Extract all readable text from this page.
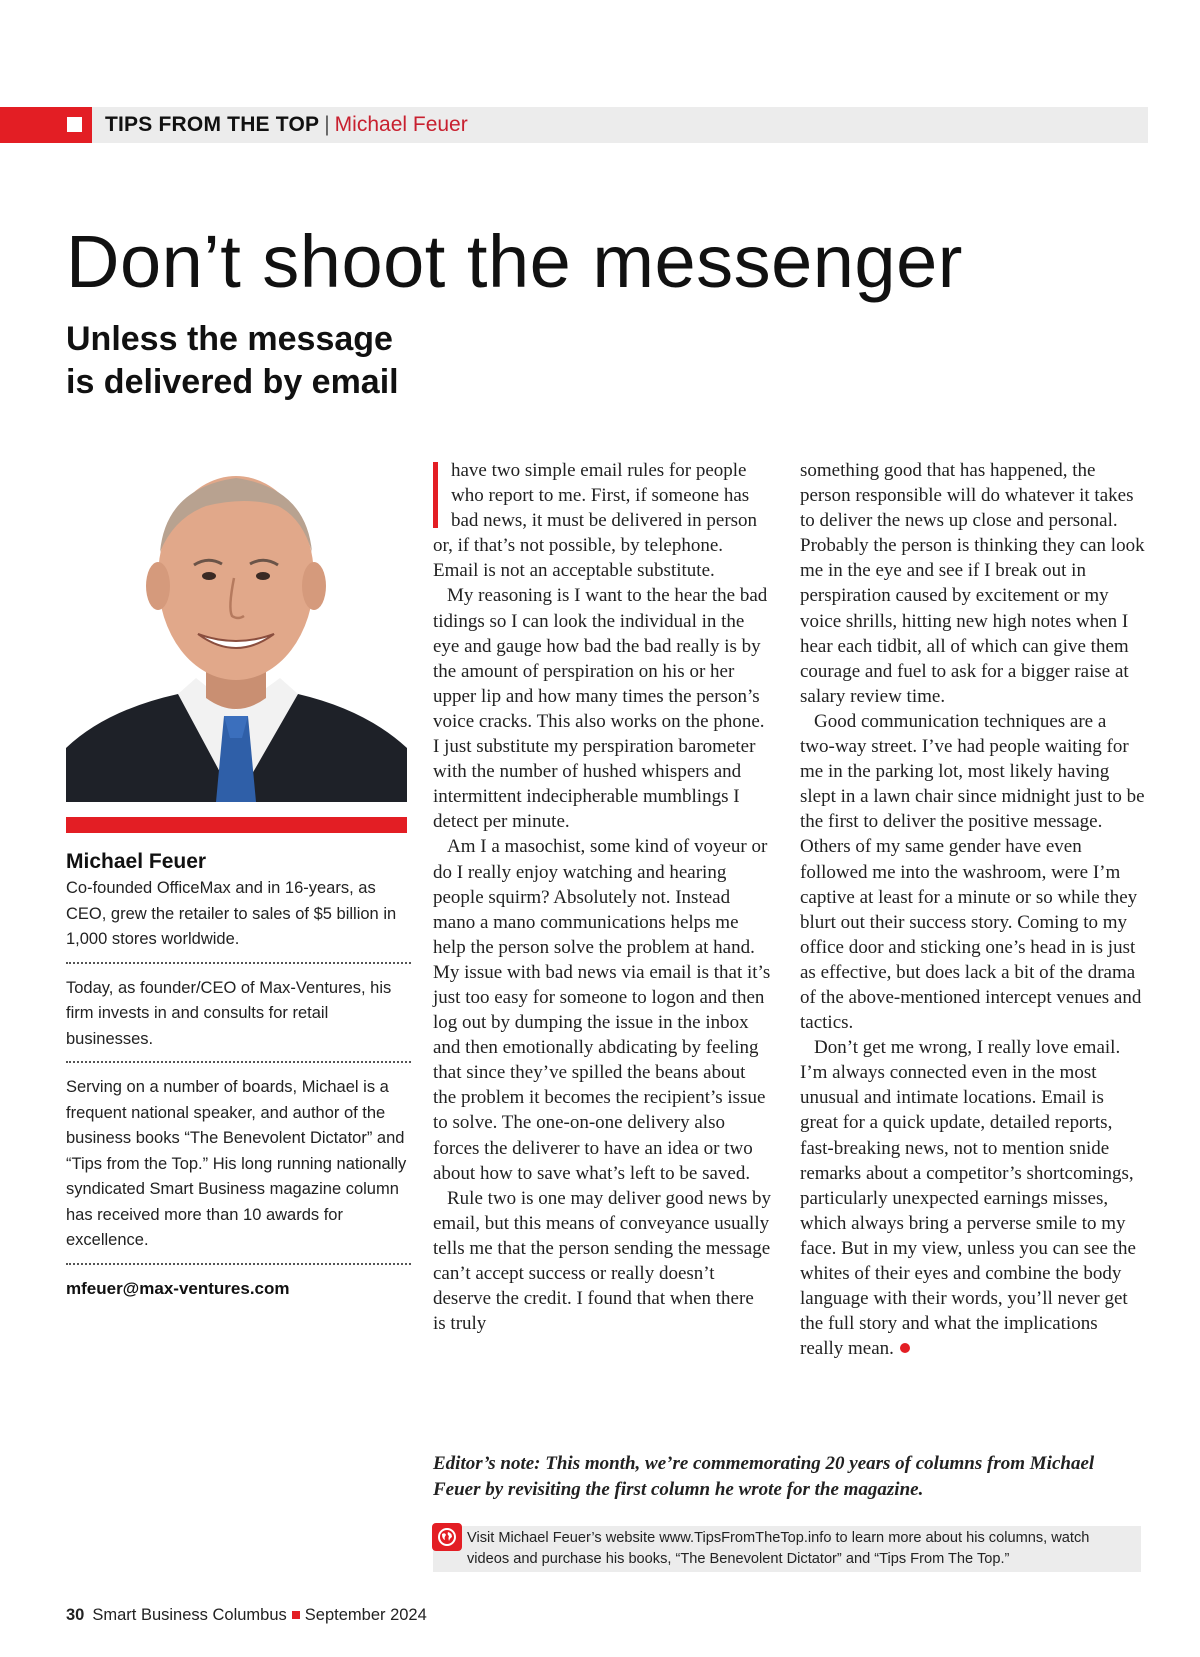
TIPS FROM THE TOP | Michael Feuer
Don’t shoot the messenger
Unless the message
is delivered by email
Michael Feuer

Co-founded OfficeMax and in 16-years, as CEO, grew the retailer to sales of $5 billion in 1,000 stores worldwide.

Today, as founder/CEO of Max-Ventures, his firm invests in and consults for retail businesses.

Serving on a number of boards, Michael is a frequent national speaker, and author of the business books “The Benevolent Dictator” and “Tips from the Top.” His long running nationally syndicated Smart Business magazine column has received more than 10 awards for excellence.

mfeuer@max-ventures.com

have two simple email rules for people who report to me. First, if someone has bad news, it must be delivered in person or, if that’s not possible, by telephone. Email is not an acceptable substitute.

My reasoning is I want to the hear the bad tidings so I can look the individual in the eye and gauge how bad the bad really is by the amount of perspiration on his or her upper lip and how many times the person’s voice cracks. This also works on the phone. I just substitute my perspiration barometer with the number of hushed whispers and intermittent indecipherable mumblings I detect per minute.

Am I a masochist, some kind of voyeur or do I really enjoy watching and hearing people squirm? Absolutely not. Instead mano a mano communications helps me help the person solve the problem at hand. My issue with bad news via email is that it’s just too easy for someone to logon and then log out by dumping the issue in the inbox and then emotionally abdicating by feeling that since they’ve spilled the beans about the problem it becomes the recipient’s issue to solve. The one-on-one delivery also forces the deliverer to have an idea or two about how to save what’s left to be saved.

Rule two is one may deliver good news by email, but this means of conveyance usually tells me that the person sending the message can’t accept success or really doesn’t deserve the credit. I found that when there is truly

something good that has happened, the person responsible will do whatever it takes to deliver the news up close and personal. Probably the person is thinking they can look me in the eye and see if I break out in perspiration caused by excitement or my voice shrills, hitting new high notes when I hear each tidbit, all of which can give them courage and fuel to ask for a bigger raise at salary review time.

Good communication techniques are a two-way street. I’ve had people waiting for me in the parking lot, most likely having slept in a lawn chair since midnight just to be the first to deliver the positive message. Others of my same gender have even followed me into the washroom, were I’m captive at least for a minute or so while they blurt out their success story. Coming to my office door and sticking one’s head in is just as effective, but does lack a bit of the drama of the above-mentioned intercept venues and tactics.

Don’t get me wrong, I really love email. I’m always connected even in the most unusual and intimate locations. Email is great for a quick update, detailed reports, fast-breaking news, not to mention snide remarks about a competitor’s shortcomings, particularly unexpected earnings misses, which always bring a perverse smile to my face. But in my view, unless you can see the whites of their eyes and combine the body language with their words, you’ll never get the full story and what the implications really mean.

Editor’s note: This month, we’re commemorating 20 years of columns from Michael Feuer by revisiting the first column he wrote for the magazine.

Visit Michael Feuer’s website www.TipsFromTheTop.info to learn more about his columns, watch videos and purchase his books, “The Benevolent Dictator” and “Tips From The Top.”

30 Smart Business Columbus September 2024
